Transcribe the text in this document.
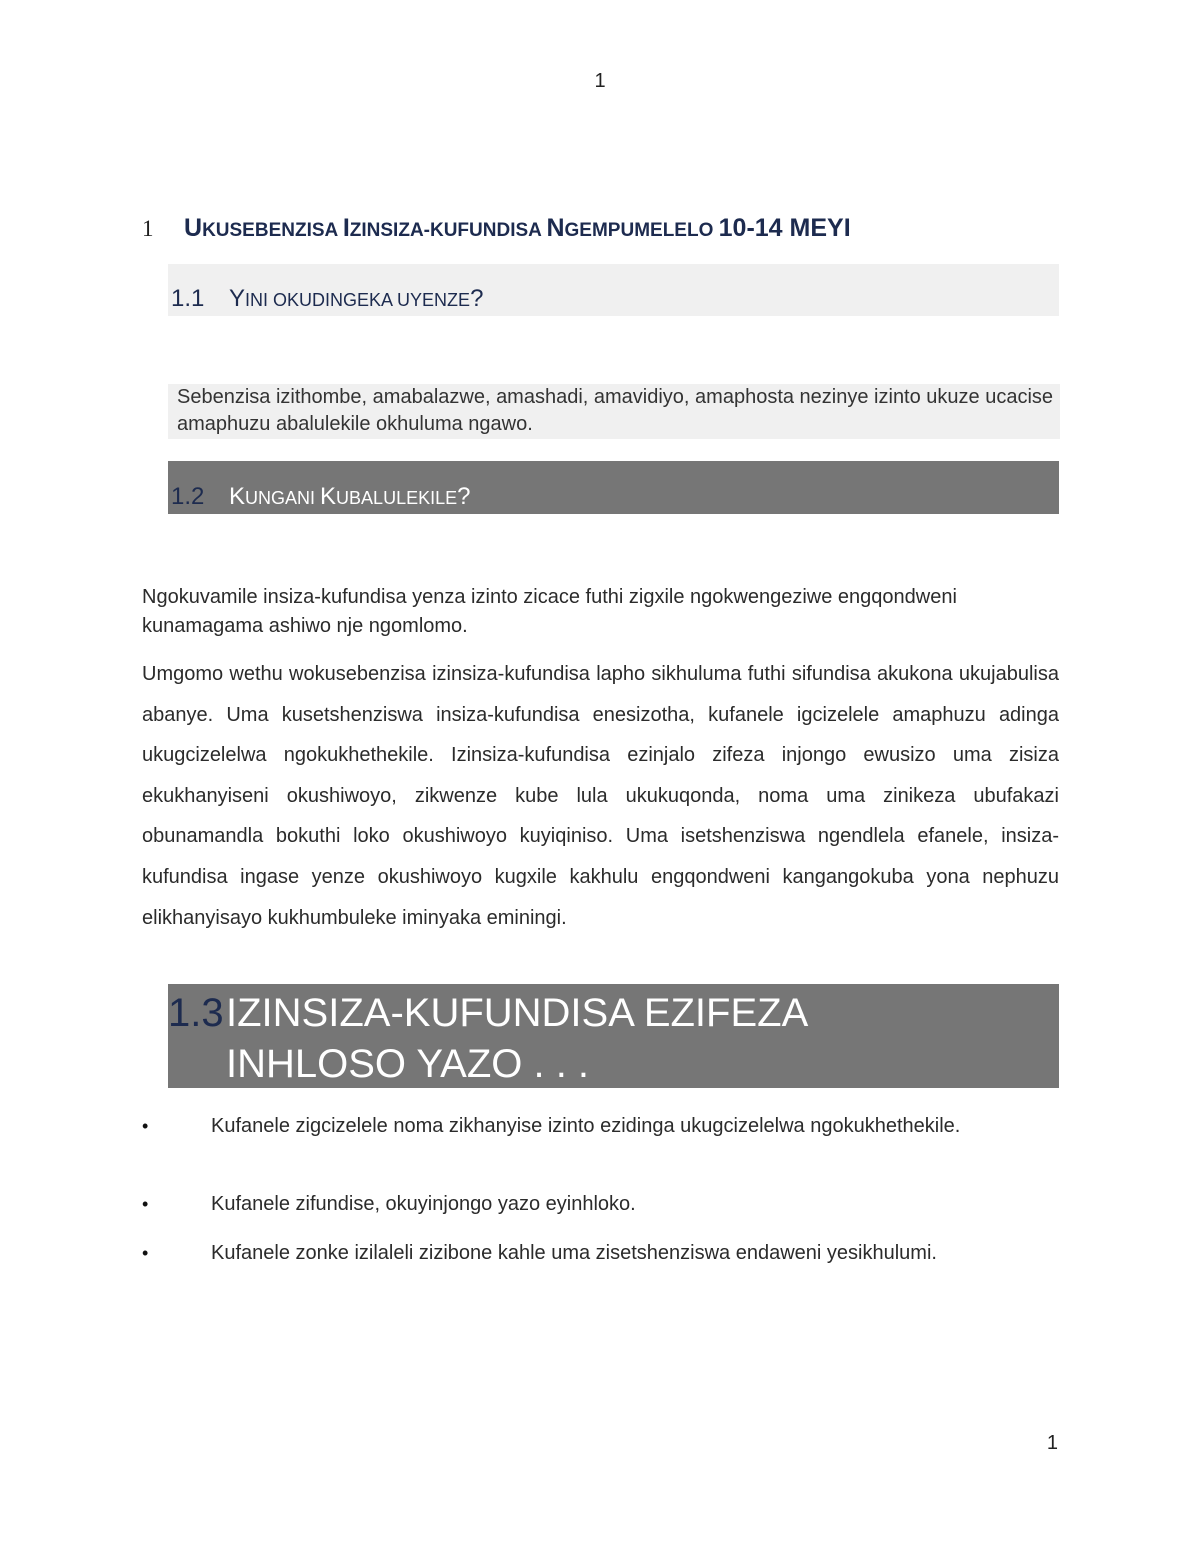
1
1 UKUSEBENZISA IZINSIZA-KUFUNDISA NGEMPUMELELO 10-14 MEYI
1.1 YINI OKUDINGEKA UYENZE?
Sebenzisa izithombe, amabalazwe, amashadi, amavidiyo, amaphosta nezinye izinto ukuze ucacise amaphuzu abalulekile okhuluma ngawo.
1.2 KUNGANI KUBALULEKILE?
Ngokuvamile insiza-kufundisa yenza izinto zicace futhi zigxile ngokwengeziwe engqondweni kunamagama ashiwo nje ngomlomo.
Umgomo wethu wokusebenzisa izinsiza-kufundisa lapho sikhuluma futhi sifundisa akukona ukujabulisa abanye. Uma kusetshenziswa insiza-kufundisa enesizotha, kufanele igcizelele amaphuzu adinga ukugcizelelwa ngokukhethekile. Izinsiza-kufundisa ezinjalo zifeza injongo ewusizo uma zisiza ekukhanyiseni okushiwoyo, zikwenze kube lula ukukuqonda, noma uma zinikeza ubufakazi obunamandla bokuthi loko okushiwoyo kuyiqiniso. Uma isetshenziswa ngendlela efanele, insiza-kufundisa ingase yenze okushiwoyo kugxile kakhulu engqondweni kangangokuba yona nephuzu elikhanyisayo kukhumbuleke iminyaka eminingi.
1.3IZINSIZA-KUFUNDISA EZIFEZA
INHLOSO YAZO . . .
•	Kufanele zigcizelele noma zikhanyise izinto ezidinga ukugcizelelwa ngokukhethekile.
•	Kufanele zifundise, okuyinjongo yazo eyinhloko.
•	Kufanele zonke izilaleli zizibone kahle uma zisetshenziswa endaweni yesikhulumi.
1
